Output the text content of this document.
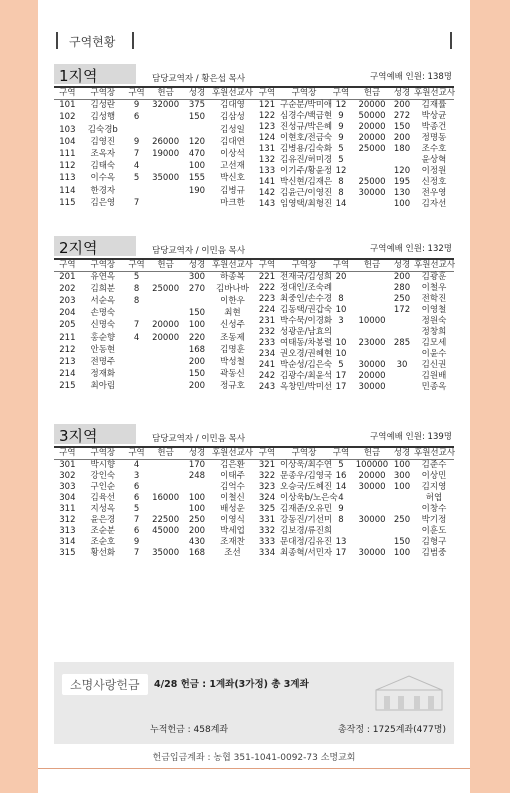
구역현황
1지역	담당교역자 / 황은섭 목사	구역예배 인원: 138명
구역	구역장	구역	헌금	성경	후원선교사
101	김성란	9	32000	375	김대영
102	김성행	6		150	김삼성
103	김숙경b				김성일
104	김영진	9	26000	120	김대연
111	조옥자	7	19000	470	이상석
112	김태숙	4		100	고선재
113	이수옥	5	35000	155	박신호
114	한경자			190	김병규
115	김은영	7			마크한
구역	구역장	구역	헌금	성경	후원선교사
121	구순분/박미애	12	20000	200	김재률
122	심경수/백금현	9	50000	272	박상균
123	진성규/박은혜	9	20000	150	박종건
124	이현호/전금숙	9	20000	200	정명동
131	김병용/김숙화	5	25000	180	조수호
132	김유진/허미경	5			윤상혁
133	이기주/황윤정	12		120	이정원
141	박신현/김재은	8	25000	195	신정호
142	김윤근/이영진	8	30000	130	전우영
143	임영택/최형진	14		100	김자선
2지역	담당교역자 / 이민음 목사	구역예배 인원: 132명
구역	구역장	구역	헌금	성경	후원선교사
201	유연옥	5		300	하종복
202	김희분	8	25000	270	김바나바
203	서순옥	8			이한우
204	손명숙			150	최현
205	신명숙	7	20000	100	신성주
211	홍순향	4	20000	220	조동제
212	안동현			168	김명훈
213	전명주			200	박성철
214	정재화			150	곽동신
215	최아림			200	정규호
구역	구역장	구역	헌금	성경	후원선교사
221	전재국/김성희	20		200	김광훈
222	정대인/조숙례			280	이철우
223	최중인/손수경	8		250	전학진
224	김동택/권갑숙	10		172	이영철
231	박수묵/이경화	3	10000		정원숙
232	성광운/남효의				정창희
233	여태동/차봉렬	10	23000	285	김모세
234	권오경/권혜현	10			이윤수
241	박순성/김은숙	5	30000	30	김신권
242	김광수/최윤석	17	20000		김원배
243	옥창민/박미선	17	30000		민종옥
3지역	담당교역자 / 이민음 목사	구역예배 인원: 139명
구역	구역장	구역	헌금	성경	후원선교사
301	박시향	4		170	김은환
302	강인숙	3		248	이태주
303	구인순	6			김억수
304	김육선	6	16000	100	이철신
311	지성옥	5		100	배성운
312	윤은경	7	22500	250	이영식
313	조순분	6	45000	200	박세업
314	조순호	9		430	조재찬
315	황선화	7	35000	168	조선
구역	구역장	구역	헌금	성경	후원선교사
321	이상욱/최수연	5	100000	100	김준수
322	문종우/김영국	16	20000	300	이상민
323	오승국/도혜진	14	30000	100	김지영
324	이상욱b/노은숙	4			허엽
325	김재준/오유민	9			이창수
331	강동진/기선미	8	30000	250	박기정
332	김보경/류진희				이훈도
333	문대정/김유진	13		150	김형구
334	최종혁/서민자	17	30000	100	김범중
소명사랑헌금	4/28 헌금 : 1계좌(3가정) 총 3계좌
누적헌금 : 458계좌	총작정 : 1725계좌(477명)
헌금입금계좌 : 농협 351-1041-0092-73 소명교회
